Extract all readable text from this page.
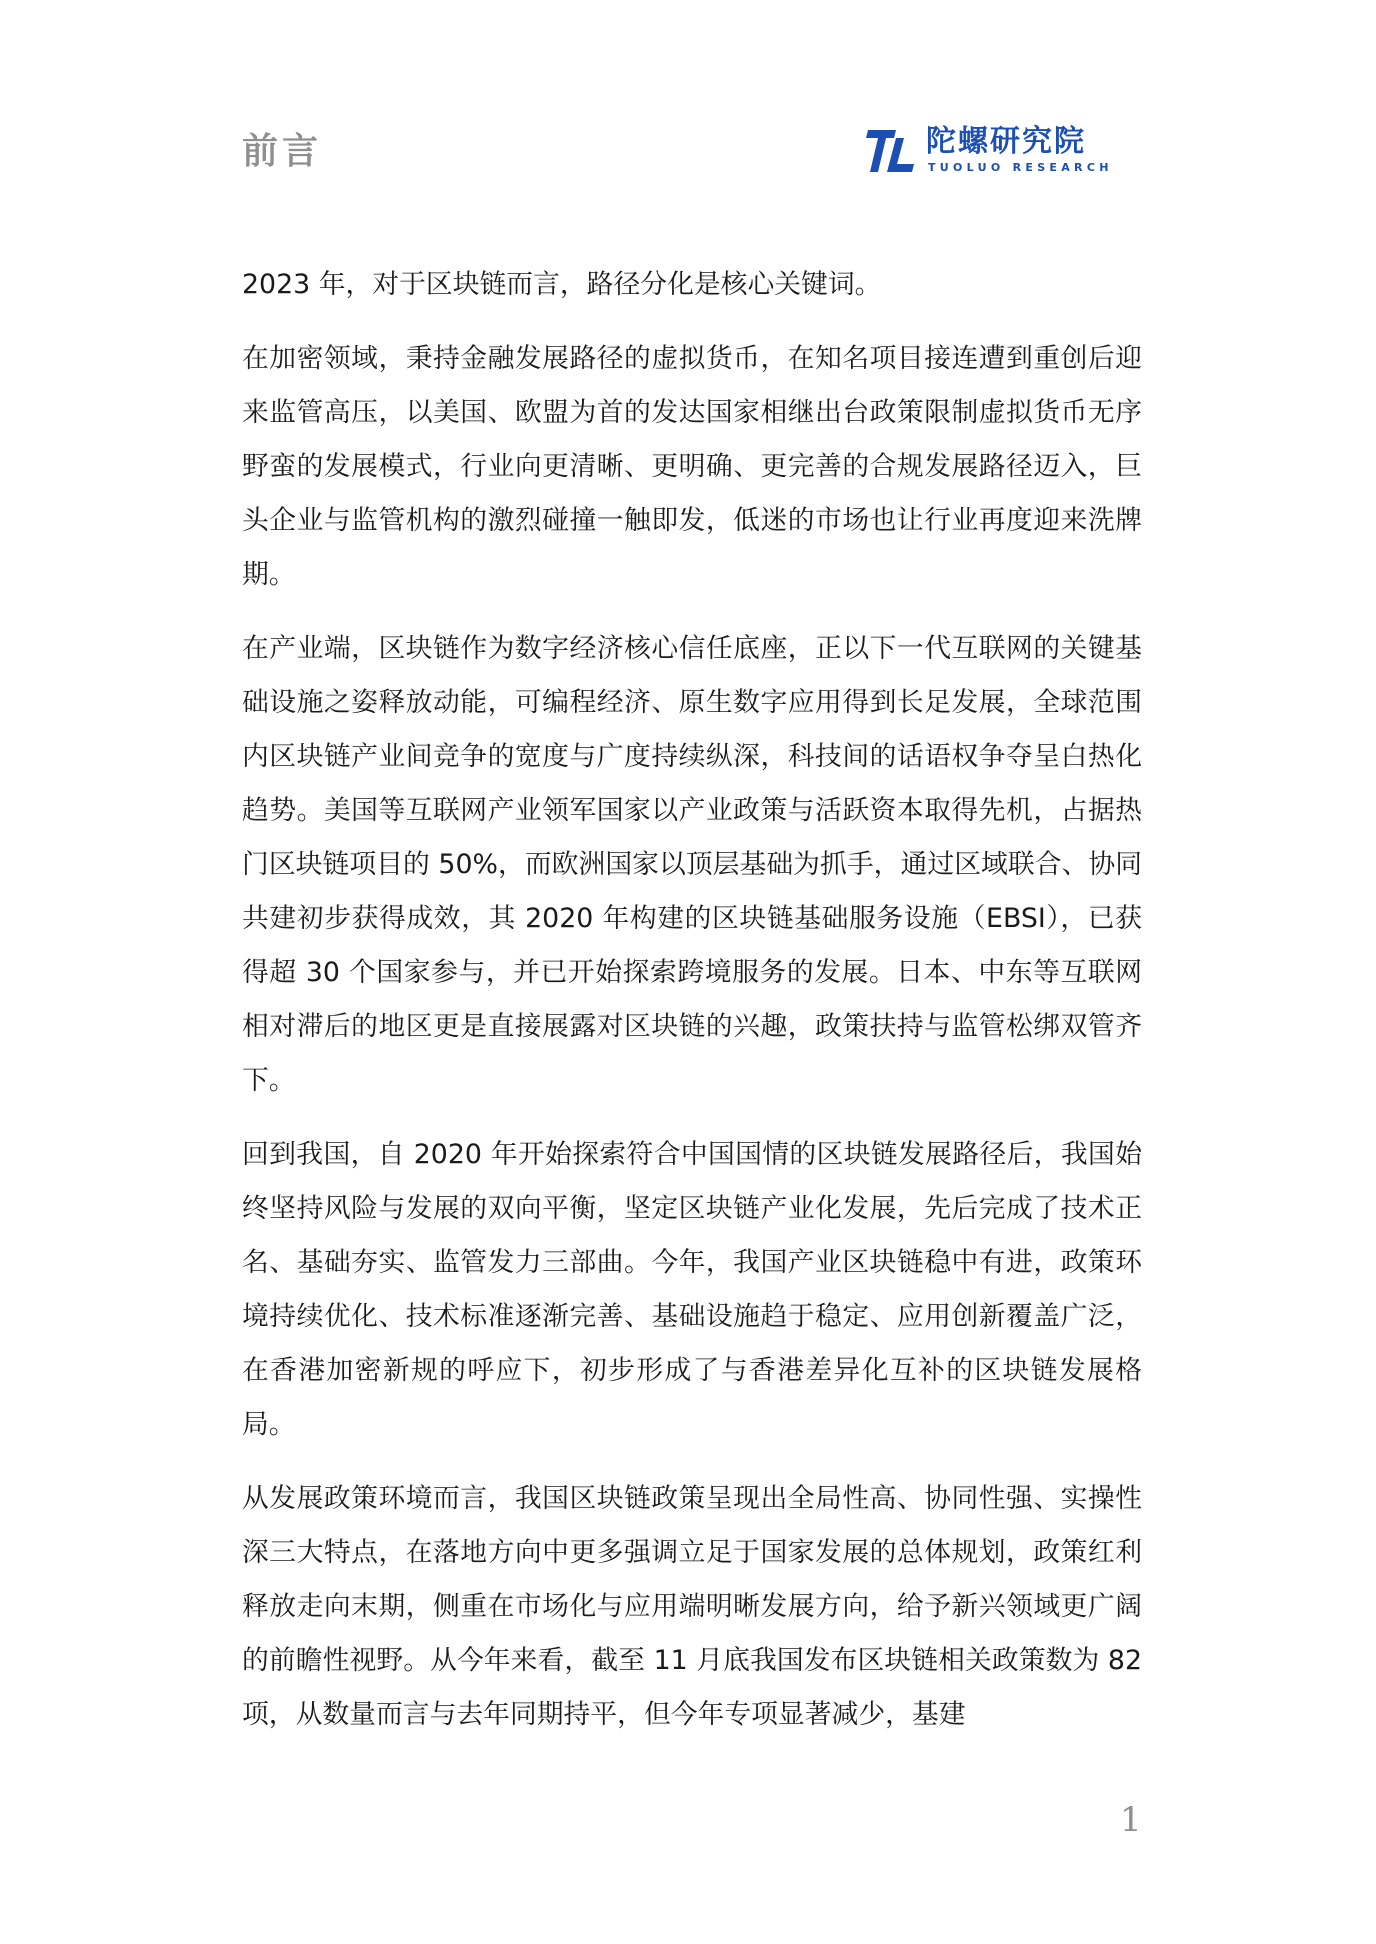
前言	陀螺研究院
TUOLUO RESEARCH

2023 年，对于区块链而言，路径分化是核心关键词。

在加密领域，秉持金融发展路径的虚拟货币，在知名项目接连遭到重创后迎来监管高压，以美国、欧盟为首的发达国家相继出台政策限制虚拟货币无序野蛮的发展模式，行业向更清晰、更明确、更完善的合规发展路径迈入，巨头企业与监管机构的激烈碰撞一触即发，低迷的市场也让行业再度迎来洗牌期。

在产业端，区块链作为数字经济核心信任底座，正以下一代互联网的关键基础设施之姿释放动能，可编程经济、原生数字应用得到长足发展，全球范围内区块链产业间竞争的宽度与广度持续纵深，科技间的话语权争夺呈白热化趋势。美国等互联网产业领军国家以产业政策与活跃资本取得先机，占据热门区块链项目的 50%，而欧洲国家以顶层基础为抓手，通过区域联合、协同共建初步获得成效，其 2020 年构建的区块链基础服务设施（EBSI），已获得超 30 个国家参与，并已开始探索跨境服务的发展。日本、中东等互联网相对滞后的地区更是直接展露对区块链的兴趣，政策扶持与监管松绑双管齐下。

回到我国，自 2020 年开始探索符合中国国情的区块链发展路径后，我国始终坚持风险与发展的双向平衡，坚定区块链产业化发展，先后完成了技术正名、基础夯实、监管发力三部曲。今年，我国产业区块链稳中有进，政策环境持续优化、技术标准逐渐完善、基础设施趋于稳定、应用创新覆盖广泛，在香港加密新规的呼应下，初步形成了与香港差异化互补的区块链发展格局。

从发展政策环境而言，我国区块链政策呈现出全局性高、协同性强、实操性深三大特点，在落地方向中更多强调立足于国家发展的总体规划，政策红利释放走向末期，侧重在市场化与应用端明晰发展方向，给予新兴领域更广阔的前瞻性视野。从今年来看，截至 11 月底我国发布区块链相关政策数为 82 项，从数量而言与去年同期持平，但今年专项显著减少，基建

1
